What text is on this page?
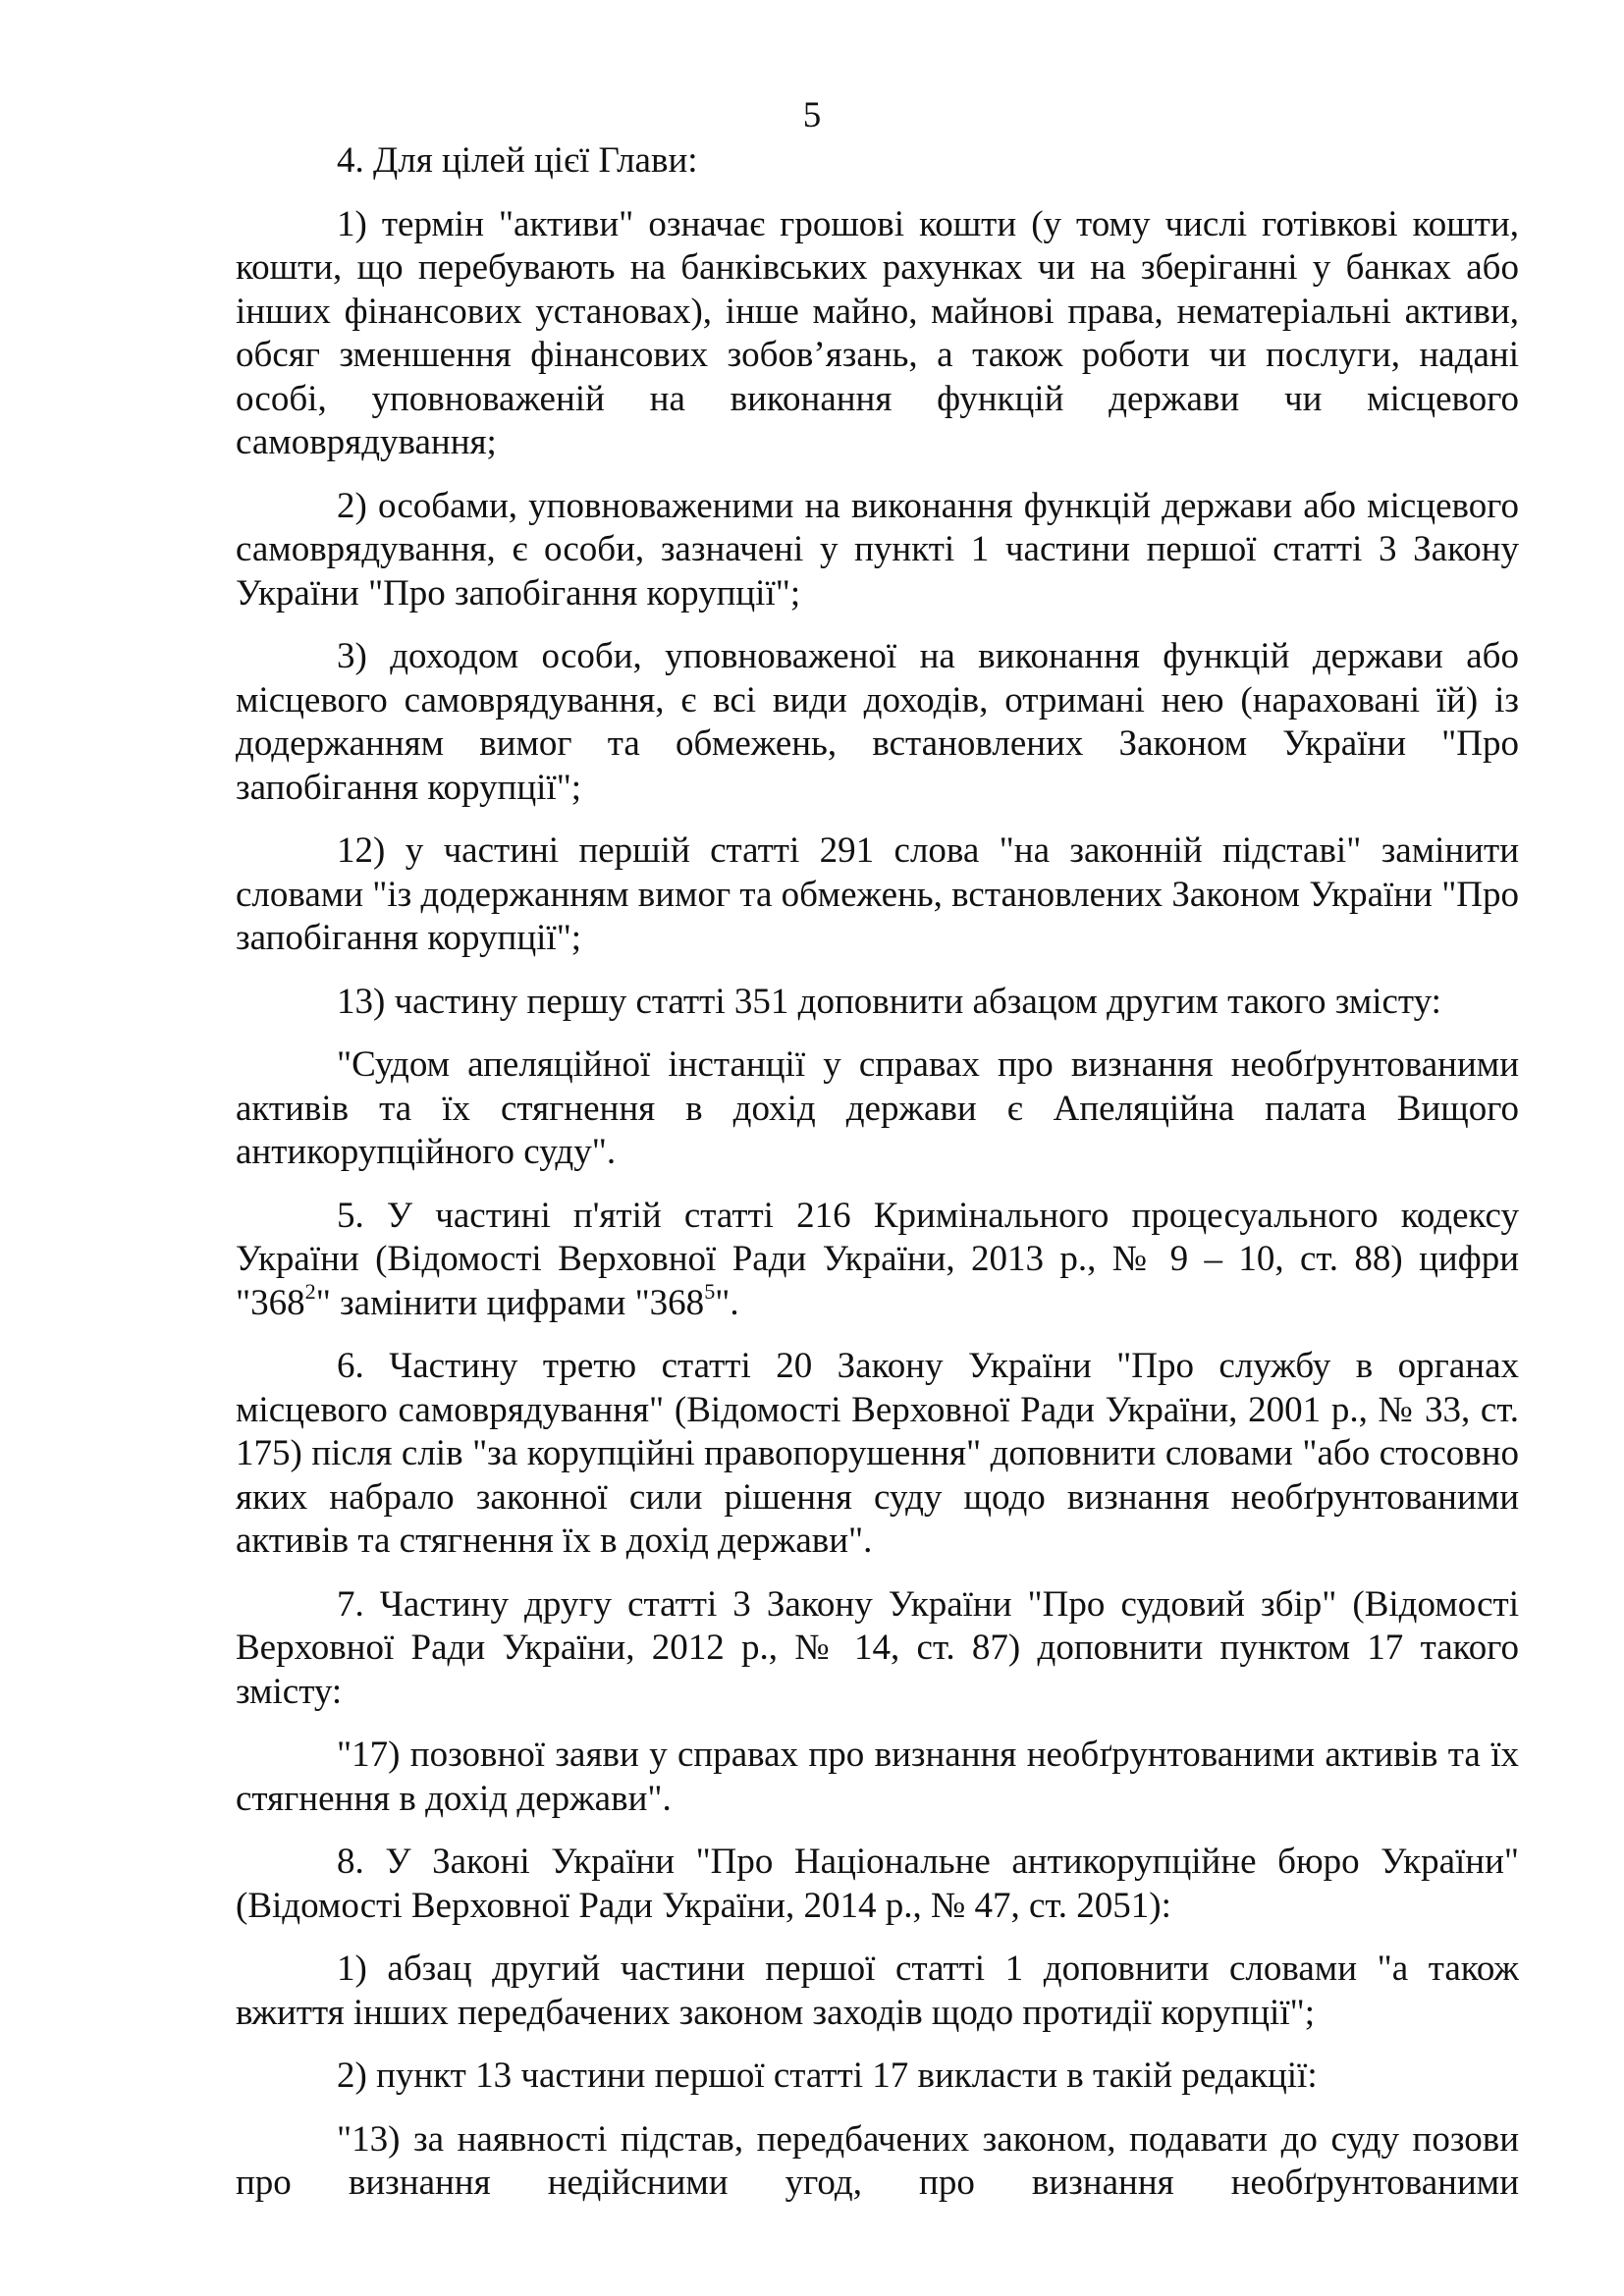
5

4. Для цілей цієї Глави:

1) термін "активи" означає грошові кошти (у тому числі готівкові кошти, кошти, що перебувають на банківських рахунках чи на зберіганні у банках або інших фінансових установах), інше майно, майнові права, нематеріальні активи, обсяг зменшення фінансових зобов’язань, а також роботи чи послуги, надані особі, уповноваженій на виконання функцій держави чи місцевого самоврядування;

2) особами, уповноваженими на виконання функцій держави або місцевого самоврядування, є особи, зазначені у пункті 1 частини першої статті 3 Закону України "Про запобігання корупції";

3) доходом особи, уповноваженої на виконання функцій держави або місцевого самоврядування, є всі види доходів, отримані нею (нараховані їй) із додержанням вимог та обмежень, встановлених Законом України "Про запобігання корупції";

12) у частині першій статті 291 слова "на законній підставі" замінити словами "із додержанням вимог та обмежень, встановлених Законом України "Про запобігання корупції";

13) частину першу статті 351 доповнити абзацом другим такого змісту:

"Судом апеляційної інстанції у справах про визнання необґрунтованими активів та їх стягнення в дохід держави є Апеляційна палата Вищого антикорупційного суду".

5. У частині п'ятій статті 216 Кримінального процесуального кодексу України (Відомості Верховної Ради України, 2013 р., № 9 – 10, ст. 88) цифри "$368^2$" замінити цифрами "$368^5$".

6. Частину третю статті 20 Закону України "Про службу в органах місцевого самоврядування" (Відомості Верховної Ради України, 2001 р., № 33, ст. 175) після слів "за корупційні правопорушення" доповнити словами "або стосовно яких набрало законної сили рішення суду щодо визнання необґрунтованими активів та стягнення їх в дохід держави".

7. Частину другу статті 3 Закону України "Про судовий збір" (Відомості Верховної Ради України, 2012 р., № 14, ст. 87) доповнити пунктом 17 такого змісту:

"17) позовної заяви у справах про визнання необґрунтованими активів та їх стягнення в дохід держави".

8. У Законі України "Про Національне антикорупційне бюро України" (Відомості Верховної Ради України, 2014 р., № 47, ст. 2051):

1) абзац другий частини першої статті 1 доповнити словами "а також вжиття інших передбачених законом заходів щодо протидії корупції";

2) пункт 13 частини першої статті 17 викласти в такій редакції:

"13) за наявності підстав, передбачених законом, подавати до суду позови про визнання недійсними угод, про визнання необґрунтованими
